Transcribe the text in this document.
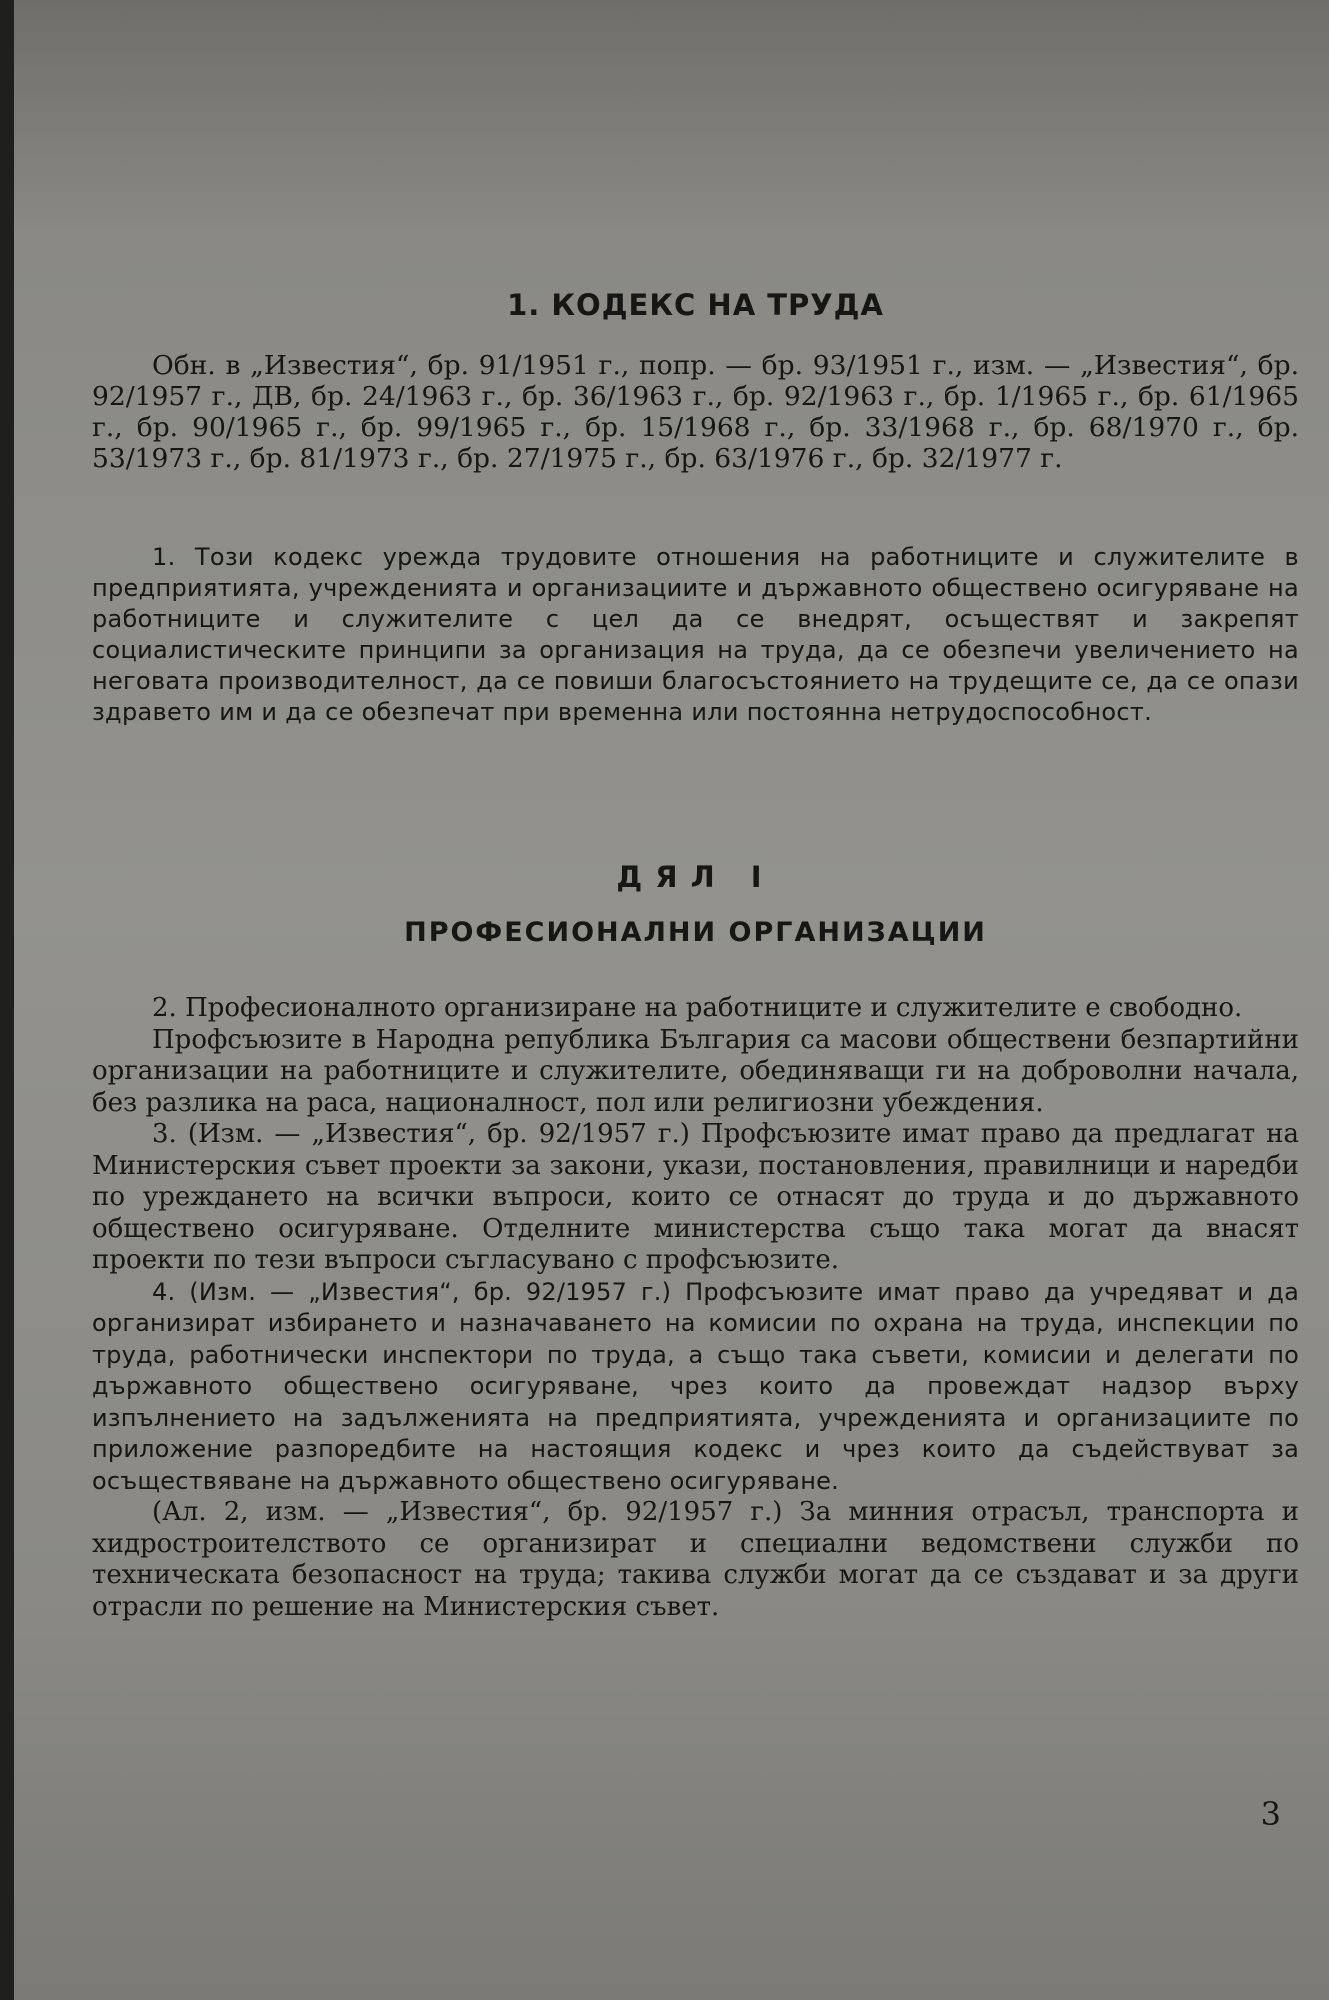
1. КОДЕКС НА ТРУДА

Обн. в „Известия“, бр. 91/1951 г., попр. — бр. 93/1951 г., изм. — „Известия“, бр. 92/1957 г., ДВ, бр. 24/1963 г., бр. 36/1963 г., бр. 92/1963 г., бр. 1/1965 г., бр. 61/1965 г., бр. 90/1965 г., бр. 99/1965 г., бр. 15/1968 г., бр. 33/1968 г., бр. 68/1970 г., бр. 53/1973 г., бр. 81/1973 г., бр. 27/1975 г., бр. 63/1976 г., бр. 32/1977 г.

1. Този кодекс урежда трудовите отношения на работниците и служителите в предприятията, учрежденията и организациите и държавното обществено осигуряване на работниците и служителите с цел да се внедрят, осъществят и закрепят социалистическите принципи за организация на труда, да се обезпечи увеличението на неговата производителност, да се повиши благосъстоянието на трудещите се, да се опази здравето им и да се обезпечат при временна или постоянна нетрудоспособност.

ДЯЛ I
ПРОФЕСИОНАЛНИ ОРГАНИЗАЦИИ

2. Професионалното организиране на работниците и служителите е свободно.

Профсъюзите в Народна република България са масови обществени безпартийни организации на работниците и служителите, обединяващи ги на доброволни начала, без разлика на раса, националност, пол или религиозни убеждения.

3. (Изм. — „Известия“, бр. 92/1957 г.) Профсъюзите имат право да предлагат на Министерския съвет проекти за закони, укази, постановления, правилници и наредби по уреждането на всички въпроси, които се отнасят до труда и до държавното обществено осигуряване. Отделните министерства също така могат да внасят проекти по тези въпроси съгласувано с профсъюзите.

4. (Изм. — „Известия“, бр. 92/1957 г.) Профсъюзите имат право да учредяват и да организират избирането и назначаването на комисии по охрана на труда, инспекции по труда, работнически инспектори по труда, а също така съвети, комисии и делегати по държавното обществено осигуряване, чрез които да провеждат надзор върху изпълнението на задълженията на предприятията, учрежденията и организациите по приложение разпоредбите на настоящия кодекс и чрез които да съдействуват за осъществяване на държавното обществено осигуряване.

(Ал. 2, изм. — „Известия“, бр. 92/1957 г.) За минния отрасъл, транспорта и хидростроителството се организират и специални ведомствени служби по техническата безопасност на труда; такива служби могат да се създават и за други отрасли по решение на Министерския съвет.

3
